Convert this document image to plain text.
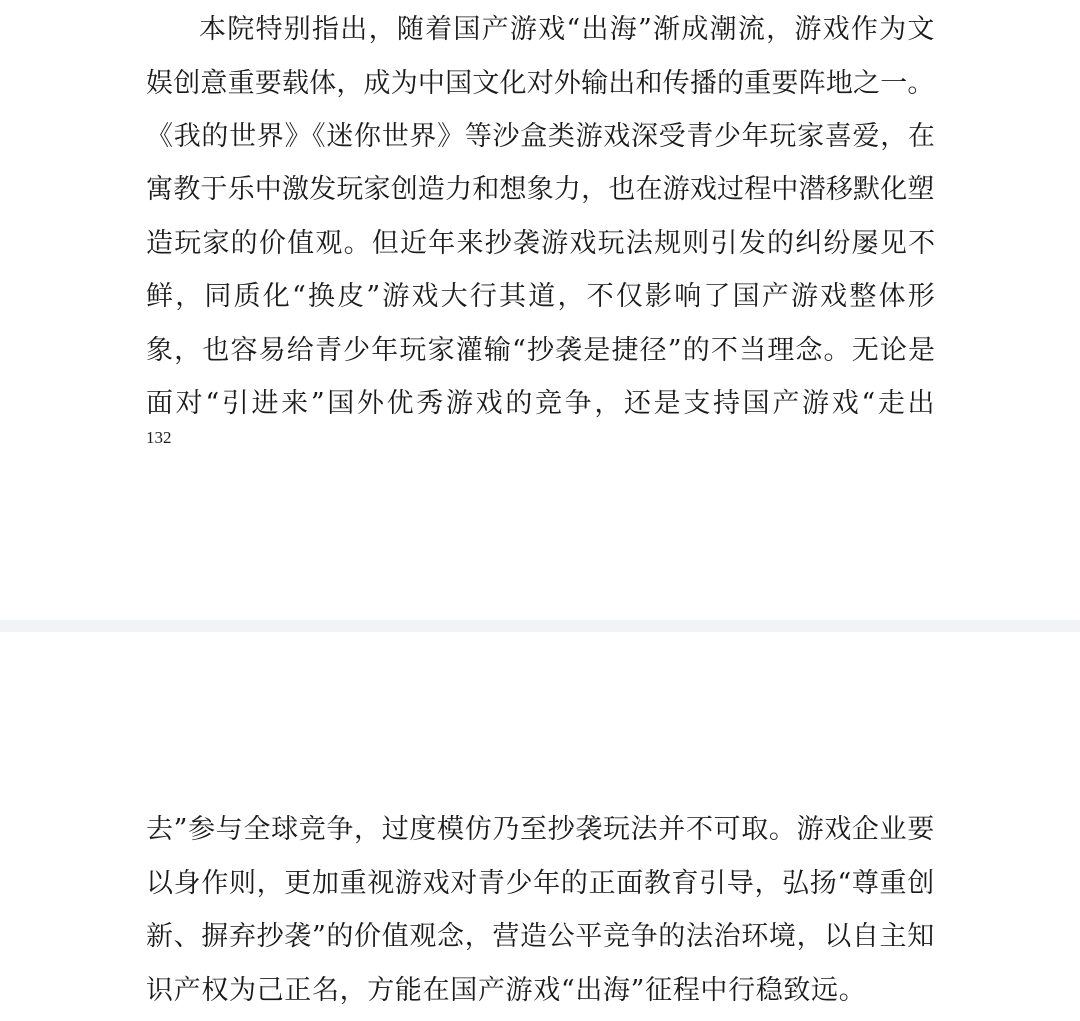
本院特别指出，随着国产游戏“出海”渐成潮流，游戏作为文
娱创意重要载体，成为中国文化对外输出和传播的重要阵地之一。
《我的世界》《迷你世界》等沙盒类游戏深受青少年玩家喜爱，在
寓教于乐中激发玩家创造力和想象力，也在游戏过程中潜移默化塑
造玩家的价值观。但近年来抄袭游戏玩法规则引发的纠纷屡见不
鲜，同质化“换皮”游戏大行其道，不仅影响了国产游戏整体形
象，也容易给青少年玩家灌输“抄袭是捷径”的不当理念。无论是
面对“引进来”国外优秀游戏的竞争，还是支持国产游戏“走出
132
去”参与全球竞争，过度模仿乃至抄袭玩法并不可取。游戏企业要
以身作则，更加重视游戏对青少年的正面教育引导，弘扬“尊重创
新、摒弃抄袭”的价值观念，营造公平竞争的法治环境，以自主知
识产权为己正名，方能在国产游戏“出海”征程中行稳致远。
